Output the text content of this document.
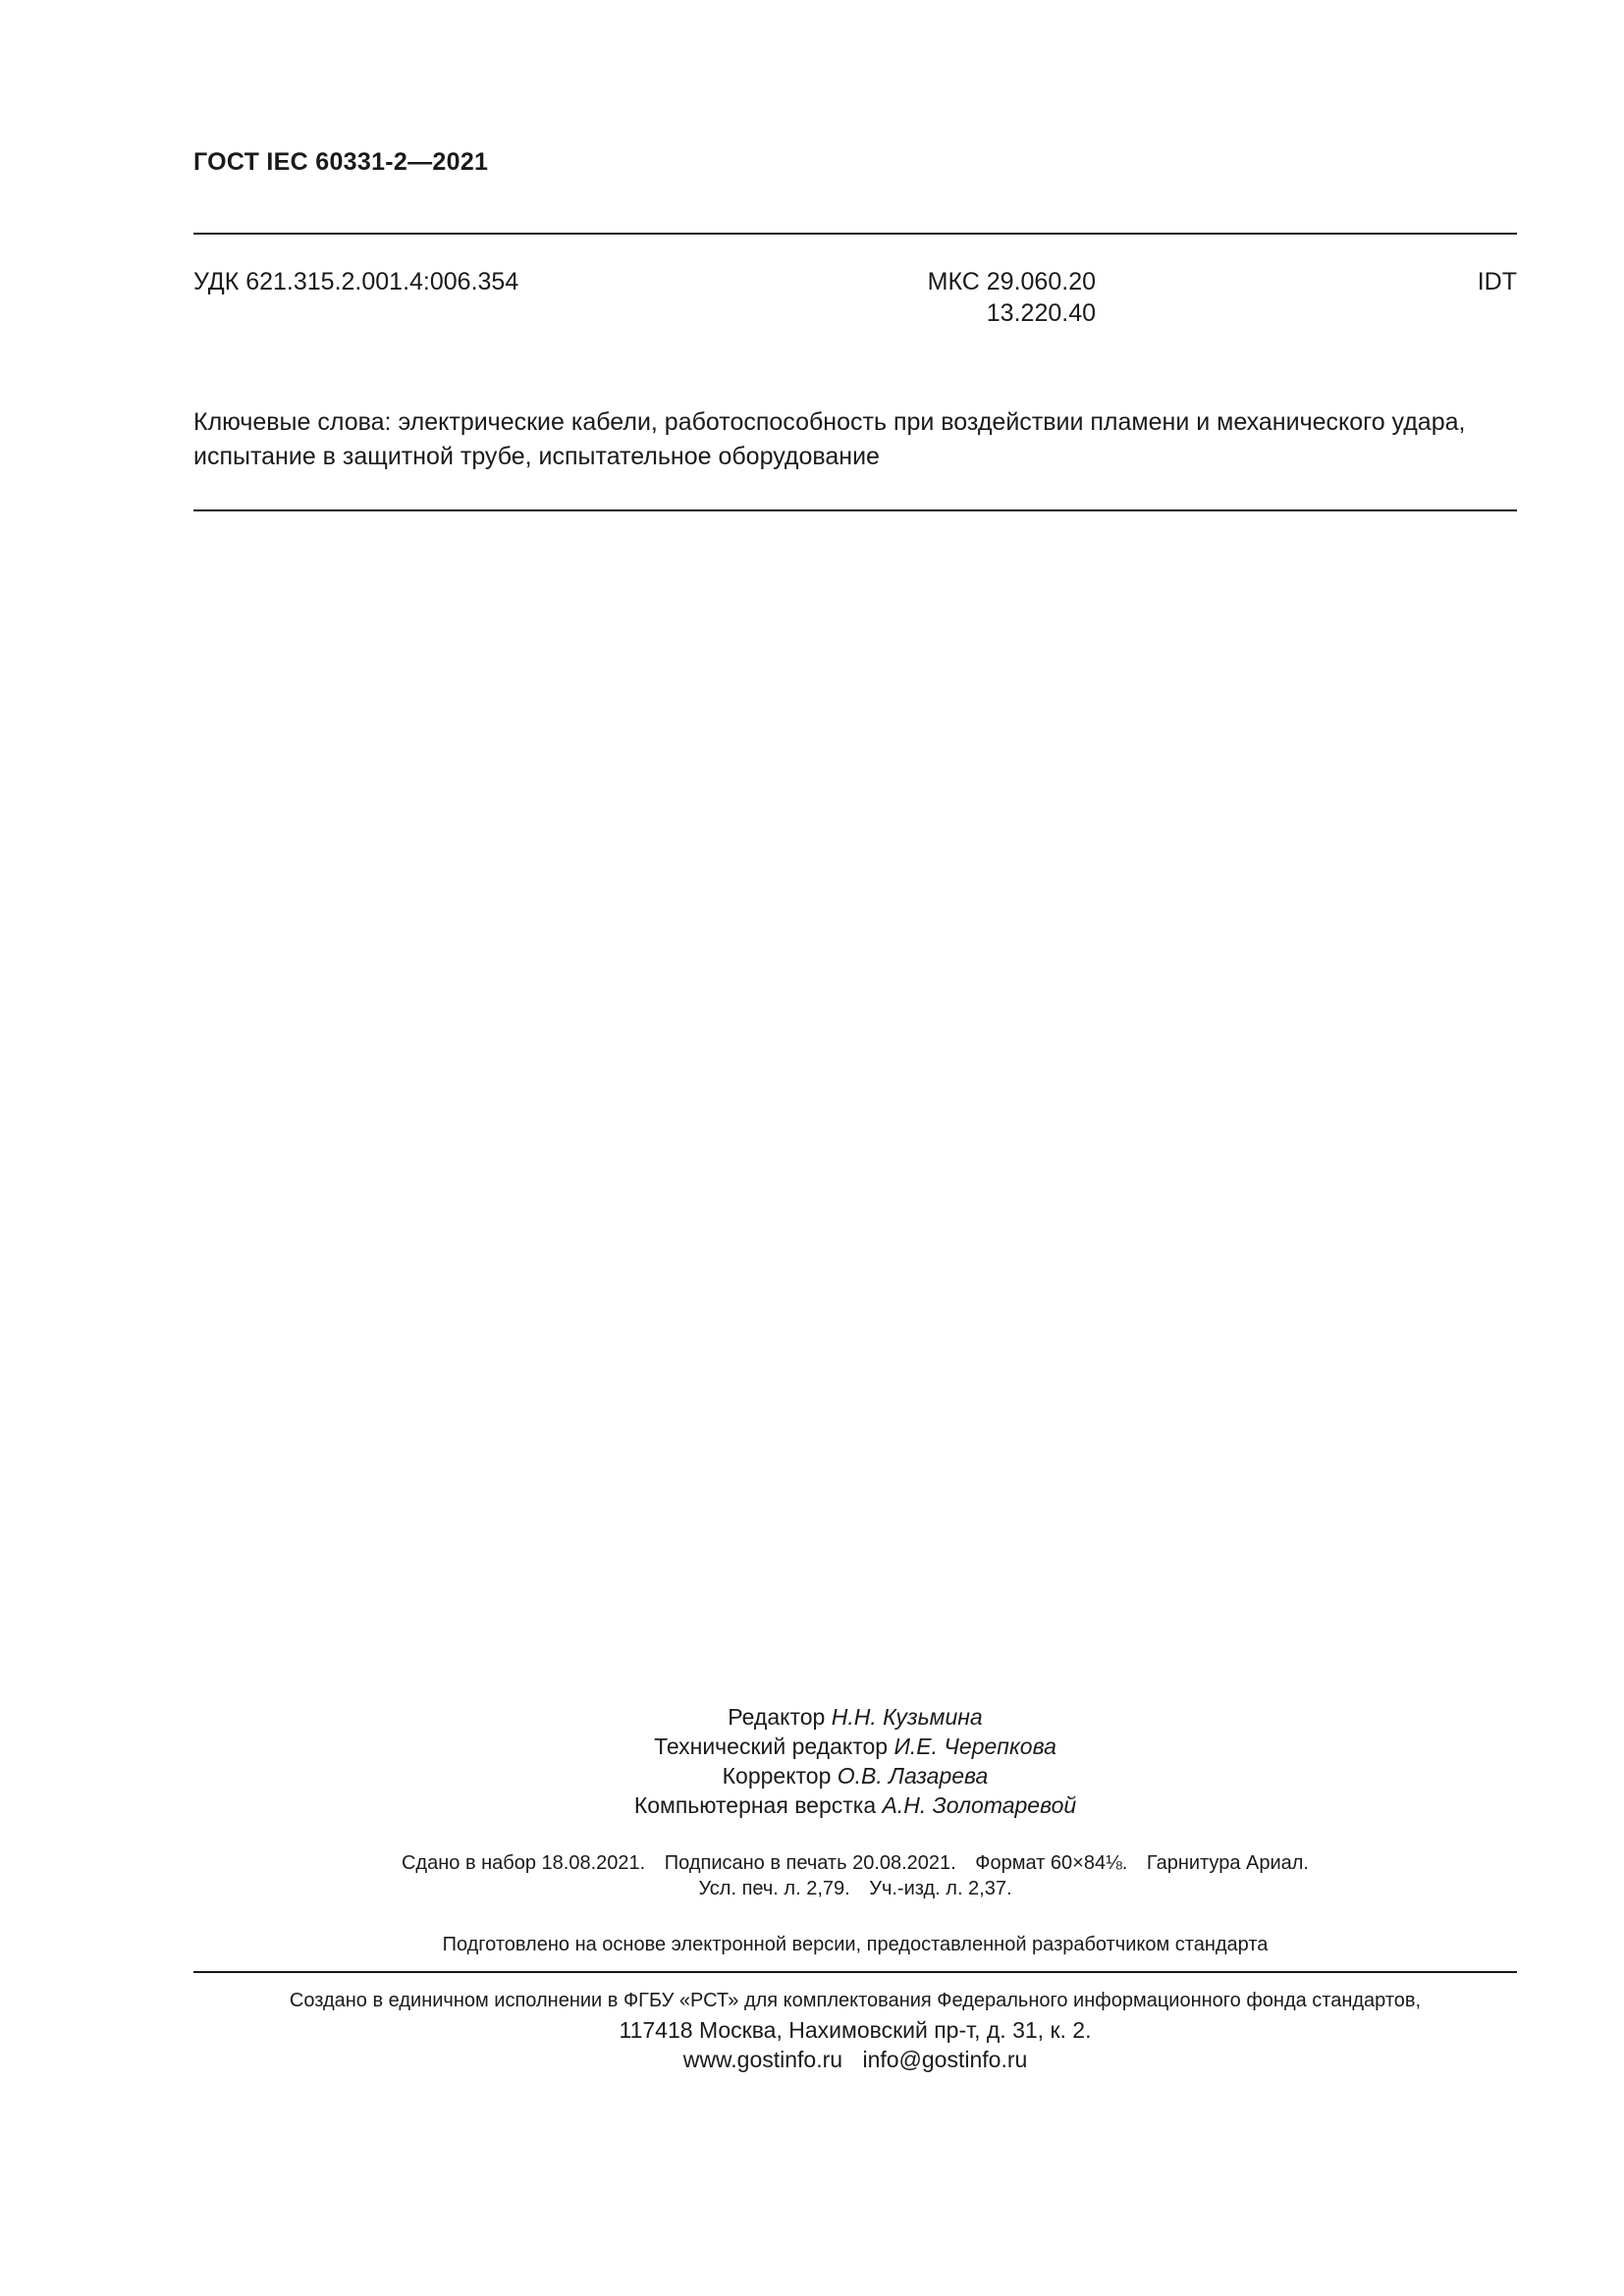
ГОСТ IEC 60331-2—2021
УДК 621.315.2.001.4:006.354	МКС 29.060.20
13.220.40
IDT
Ключевые слова: электрические кабели, работоспособность при воздействии пламени и механического удара, испытание в защитной трубе, испытательное оборудование
Редактор Н.Н. Кузьмина
Технический редактор И.Е. Черепкова
Корректор О.В. Лазарева
Компьютерная верстка А.Н. Золотаревой
Сдано в набор 18.08.2021. Подписано в печать 20.08.2021. Формат 60×84⅛. Гарнитура Ариал.
Усл. печ. л. 2,79. Уч.-изд. л. 2,37.
Подготовлено на основе электронной версии, предоставленной разработчиком стандарта
Создано в единичном исполнении в ФГБУ «РСТ» для комплектования Федерального информационного фонда стандартов,
117418 Москва, Нахимовский пр-т, д. 31, к. 2.
www.gostinfo.ru info@gostinfo.ru
